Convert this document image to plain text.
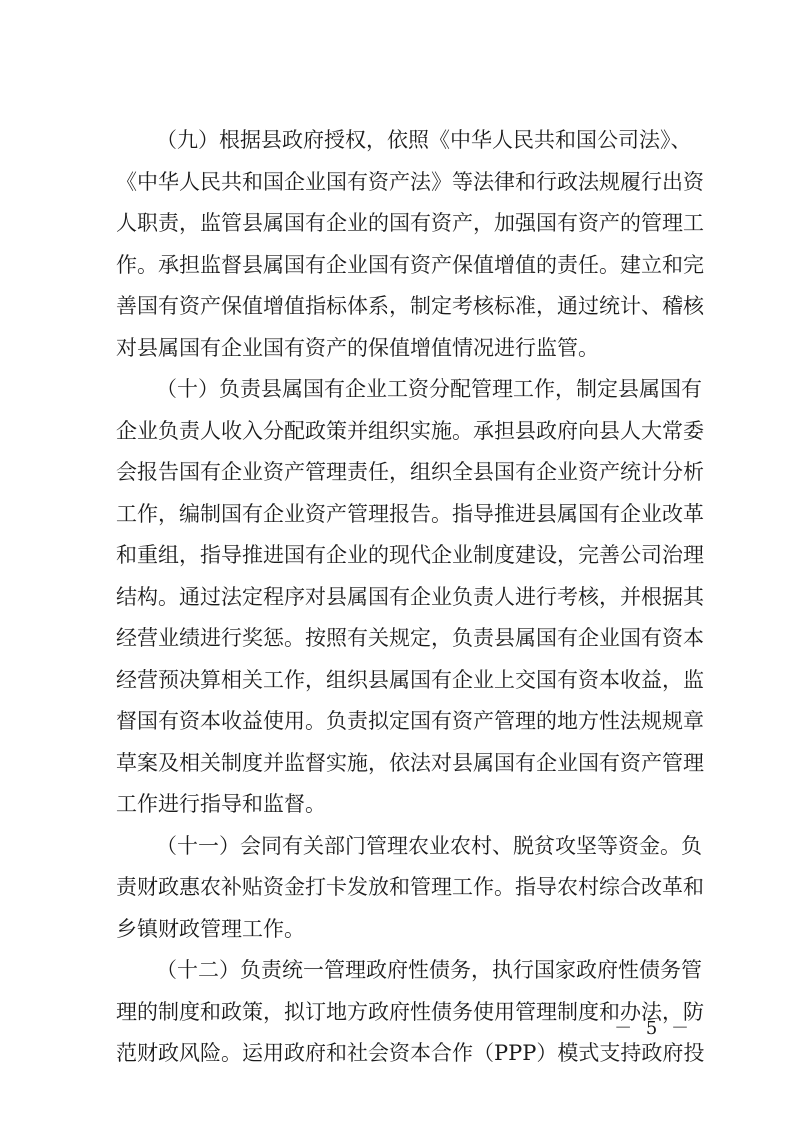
（九）根据县政府授权，依照《中华人民共和国公司法》、
《中华人民共和国企业国有资产法》等法律和行政法规履行出资
人职责，监管县属国有企业的国有资产，加强国有资产的管理工
作。承担监督县属国有企业国有资产保值增值的责任。建立和完
善国有资产保值增值指标体系，制定考核标准，通过统计、稽核
对县属国有企业国有资产的保值增值情况进行监管。
（十）负责县属国有企业工资分配管理工作，制定县属国有
企业负责人收入分配政策并组织实施。承担县政府向县人大常委
会报告国有企业资产管理责任，组织全县国有企业资产统计分析
工作，编制国有企业资产管理报告。指导推进县属国有企业改革
和重组，指导推进国有企业的现代企业制度建设，完善公司治理
结构。通过法定程序对县属国有企业负责人进行考核，并根据其
经营业绩进行奖惩。按照有关规定，负责县属国有企业国有资本
经营预决算相关工作，组织县属国有企业上交国有资本收益，监
督国有资本收益使用。负责拟定国有资产管理的地方性法规规章
草案及相关制度并监督实施，依法对县属国有企业国有资产管理
工作进行指导和监督。
（十一）会同有关部门管理农业农村、脱贫攻坚等资金。负
责财政惠农补贴资金打卡发放和管理工作。指导农村综合改革和
乡镇财政管理工作。
（十二）负责统一管理政府性债务，执行国家政府性债务管
理的制度和政策，拟订地方政府性债务使用管理制度和办法，防
范财政风险。运用政府和社会资本合作（PPP）模式支持政府投
－ 5 －
